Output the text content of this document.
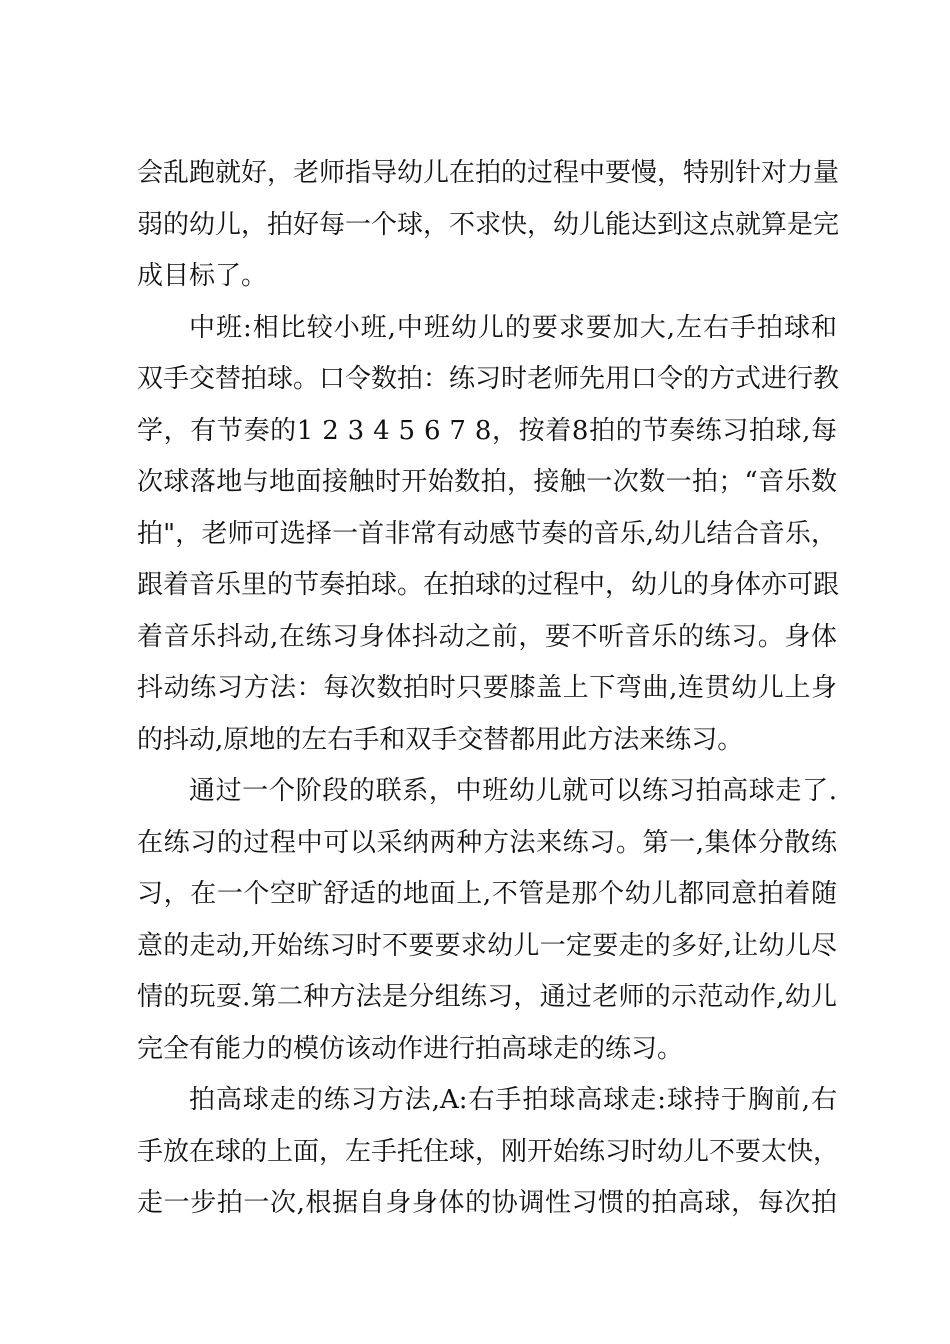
会乱跑就好，老师指导幼儿在拍的过程中要慢，特别针对力量
弱的幼儿，拍好每一个球，不求快，幼儿能达到这点就算是完
成目标了。
中班:相比较小班,中班幼儿的要求要加大,左右手拍球和
双手交替拍球。口令数拍：练习时老师先用口令的方式进行教
学，有节奏的1 2 3 4 5 6 7 8，按着8拍的节奏练习拍球,每
次球落地与地面接触时开始数拍，接触一次数一拍；“音乐数
拍"，老师可选择一首非常有动感节奏的音乐,幼儿结合音乐，
跟着音乐里的节奏拍球。在拍球的过程中，幼儿的身体亦可跟
着音乐抖动,在练习身体抖动之前，要不听音乐的练习。身体
抖动练习方法：每次数拍时只要膝盖上下弯曲,连贯幼儿上身
的抖动,原地的左右手和双手交替都用此方法来练习。
通过一个阶段的联系，中班幼儿就可以练习拍高球走了.
在练习的过程中可以采纳两种方法来练习。第一,集体分散练
习，在一个空旷舒适的地面上,不管是那个幼儿都同意拍着随
意的走动,开始练习时不要要求幼儿一定要走的多好,让幼儿尽
情的玩耍.第二种方法是分组练习，通过老师的示范动作,幼儿
完全有能力的模仿该动作进行拍高球走的练习。
拍高球走的练习方法,A:右手拍球高球走:球持于胸前,右
手放在球的上面，左手托住球，刚开始练习时幼儿不要太快，
走一步拍一次,根据自身身体的协调性习惯的拍高球，每次拍
